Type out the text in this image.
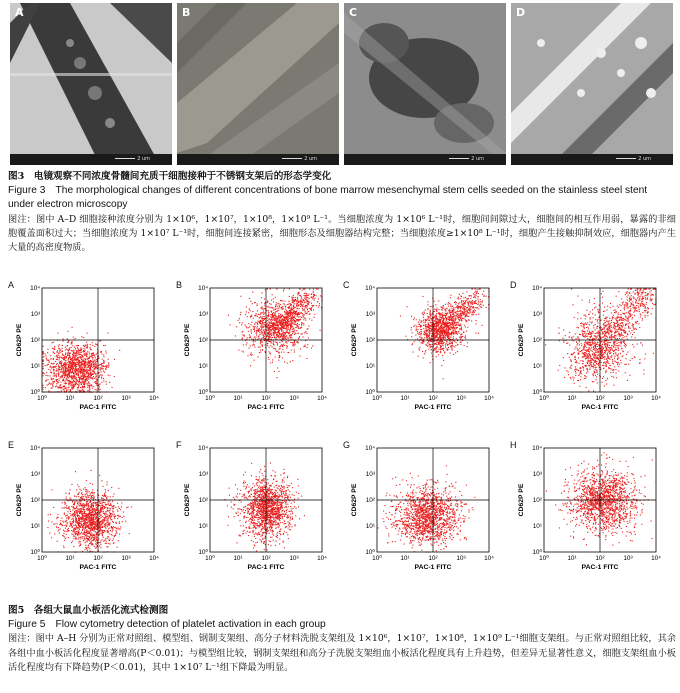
A
2 um
B
2 um
C
2 um
D
2 um

图3　电镜观察不同浓度骨髓间充质干细胞接种于不锈钢支架后的形态学变化

Figure 3　The morphological changes of different concentrations of bone marrow mesenchymal stem cells seeded on the stainless steel stent under electron microscopy

图注：图中 A–D 细胞接种浓度分别为 1×10⁶，1×10⁷，1×10⁸，1×10⁹ L⁻¹。当细胞浓度为 1×10⁶ L⁻¹时，细胞间间隙过大，细胞间的相互作用弱，暴露的非细胞覆盖面积过大；当细胞浓度为 1×10⁷ L⁻¹时，细胞间连接紧密，细胞形态及细胞器结构完整；当细胞浓度≥1×10⁸ L⁻¹时，细胞产生接触抑制效应，细胞器内产生大量的高密度物质。

A
10⁰
10⁰
10¹
10¹
10²
10²
10³
10³
10⁴
10⁴
PAC-1 FITC
CD62P PE
B
10⁰
10⁰
10¹
10¹
10²
10²
10³
10³
10⁴
10⁴
PAC-1 FITC
CD62P PE
C
10⁰
10⁰
10¹
10¹
10²
10²
10³
10³
10⁴
10⁴
PAC-1 FITC
CD62P PE
D
10⁰
10⁰
10¹
10¹
10²
10²
10³
10³
10⁴
10⁴
PAC-1 FITC
CD62P PE
E
10⁰
10⁰
10¹
10¹
10²
10²
10³
10³
10⁴
10⁴
PAC-1 FITC
CD62P PE
F
10⁰
10⁰
10¹
10¹
10²
10²
10³
10³
10⁴
10⁴
PAC-1 FITC
CD62P PE
G
10⁰
10⁰
10¹
10¹
10²
10²
10³
10³
10⁴
10⁴
PAC-1 FITC
CD62P PE
H
10⁰
10⁰
10¹
10¹
10²
10²
10³
10³
10⁴
10⁴
PAC-1 FITC
CD62P PE

图5　各组大鼠血小板活化流式检测图

Figure 5　Flow cytometry detection of platelet activation in each group

图注：图中 A–H 分别为正常对照组、模型组、钢制支架组、高分子材料洗脱支架组及 1×10⁶，1×10⁷，1×10⁸，1×10⁹ L⁻¹细胞支架组。与正常对照组比较，其余各组中血小板活化程度显著增高(P＜0.01)；与模型组比较，钢制支架组和高分子洗脱支架组血小板活化程度具有上升趋势，但差异无显著性意义，细胞支架组血小板活化程度均有下降趋势(P＜0.01)，其中 1×10⁷ L⁻¹组下降最为明显。
